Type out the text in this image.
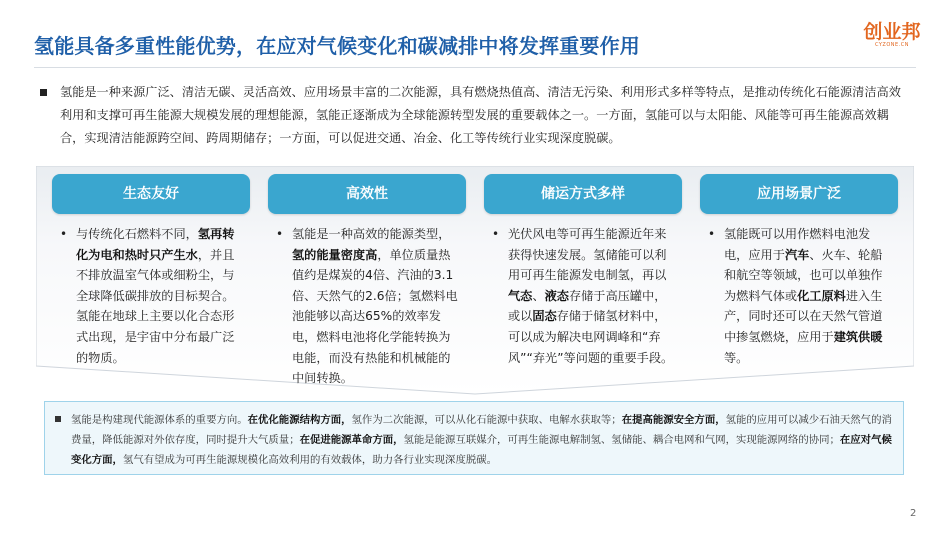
氢能具备多重性能优势，在应对气候变化和碳减排中将发挥重要作用
创业邦
CYZONE.CN
氢能是一种来源广泛、清洁无碳、灵活高效、应用场景丰富的二次能源，具有燃烧热值高、清洁无污染、利用形式多样等特点，是推动传统化石能源清洁高效利用和支撑可再生能源大规模发展的理想能源，氢能正逐渐成为全球能源转型发展的重要载体之一。一方面，氢能可以与太阳能、风能等可再生能源高效耦合，实现清洁能源跨空间、跨周期储存；一方面，可以促进交通、冶金、化工等传统行业实现深度脱碳。
生态友好
• 与传统化石燃料不同，氢再转化为电和热时只产生水，并且不排放温室气体或细粉尘，与全球降低碳排放的目标契合。氢能在地球上主要以化合态形式出现，是宇宙中分布最广泛的物质。
高效性
• 氢能是一种高效的能源类型，氢的能量密度高，单位质量热值约是煤炭的4倍、汽油的3.1倍、天然气的2.6倍；氢燃料电池能够以高达65%的效率发电，燃料电池将化学能转换为电能，而没有热能和机械能的中间转换。
储运方式多样
• 光伏风电等可再生能源近年来获得快速发展。氢储能可以利用可再生能源发电制氢，再以气态、液态存储于高压罐中，或以固态存储于储氢材料中，可以成为解决电网调峰和“弃风”“弃光”等问题的重要手段。
应用场景广泛
• 氢能既可以用作燃料电池发电，应用于汽车、火车、轮船和航空等领域，也可以单独作为燃料气体或化工原料进入生产，同时还可以在天然气管道中掺氢燃烧，应用于建筑供暖等。
氢能是构建现代能源体系的重要方向。在优化能源结构方面，氢作为二次能源，可以从化石能源中获取、电解水获取等；在提高能源安全方面，氢能的应用可以减少石油天然气的消费量，降低能源对外依存度，同时提升大气质量；在促进能源革命方面，氢能是能源互联媒介，可再生能源电解制氢、氢储能、耦合电网和气网，实现能源网络的协同；在应对气候变化方面，氢气有望成为可再生能源规模化高效利用的有效载体，助力各行业实现深度脱碳。
2
